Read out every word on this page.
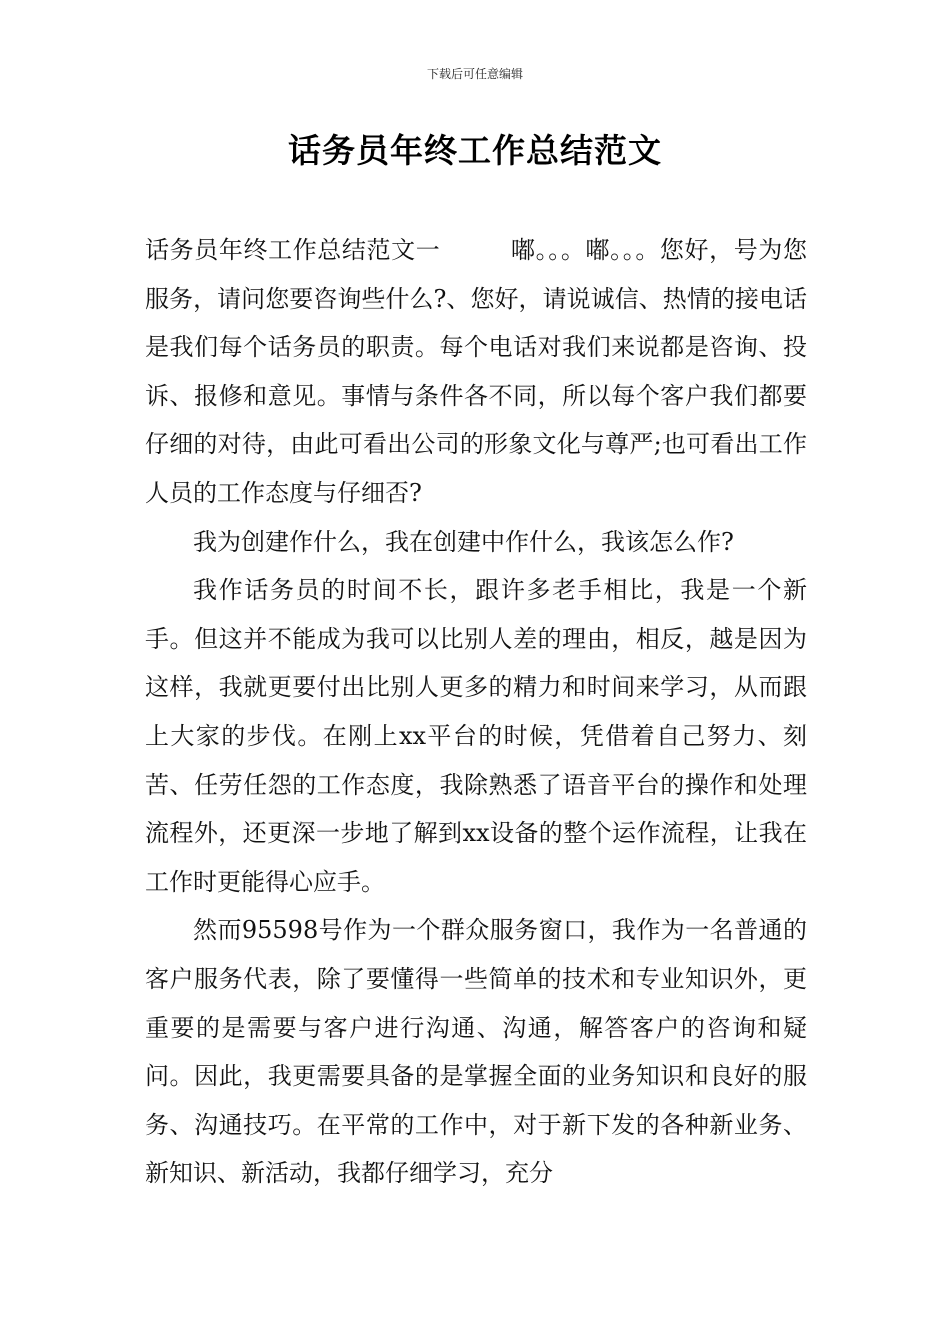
下载后可任意编辑
话务员年终工作总结范文

话务员年终工作总结范文一	嘟。。。嘟。。。您好，号为您服务，请问您要咨询些什么?、您好，请说诚信、热情的接电话是我们每个话务员的职责。每个电话对我们来说都是咨询、投诉、报修和意见。事情与条件各不同，所以每个客户我们都要仔细的对待，由此可看出公司的形象文化与尊严;也可看出工作人员的工作态度与仔细否?

我为创建作什么，我在创建中作什么，我该怎么作?

我作话务员的时间不长，跟许多老手相比，我是一个新手。但这并不能成为我可以比别人差的理由，相反，越是因为这样，我就更要付出比别人更多的精力和时间来学习，从而跟上大家的步伐。在刚上xx平台的时候，凭借着自己努力、刻苦、任劳任怨的工作态度，我除熟悉了语音平台的操作和处理流程外，还更深一步地了解到xx设备的整个运作流程，让我在工作时更能得心应手。

然而95598号作为一个群众服务窗口，我作为一名普通的客户服务代表，除了要懂得一些简单的技术和专业知识外，更重要的是需要与客户进行沟通、沟通，解答客户的咨询和疑问。因此，我更需要具备的是掌握全面的业务知识和良好的服务、沟通技巧。在平常的工作中，对于新下发的各种新业务、新知识、新活动，我都仔细学习，充分
